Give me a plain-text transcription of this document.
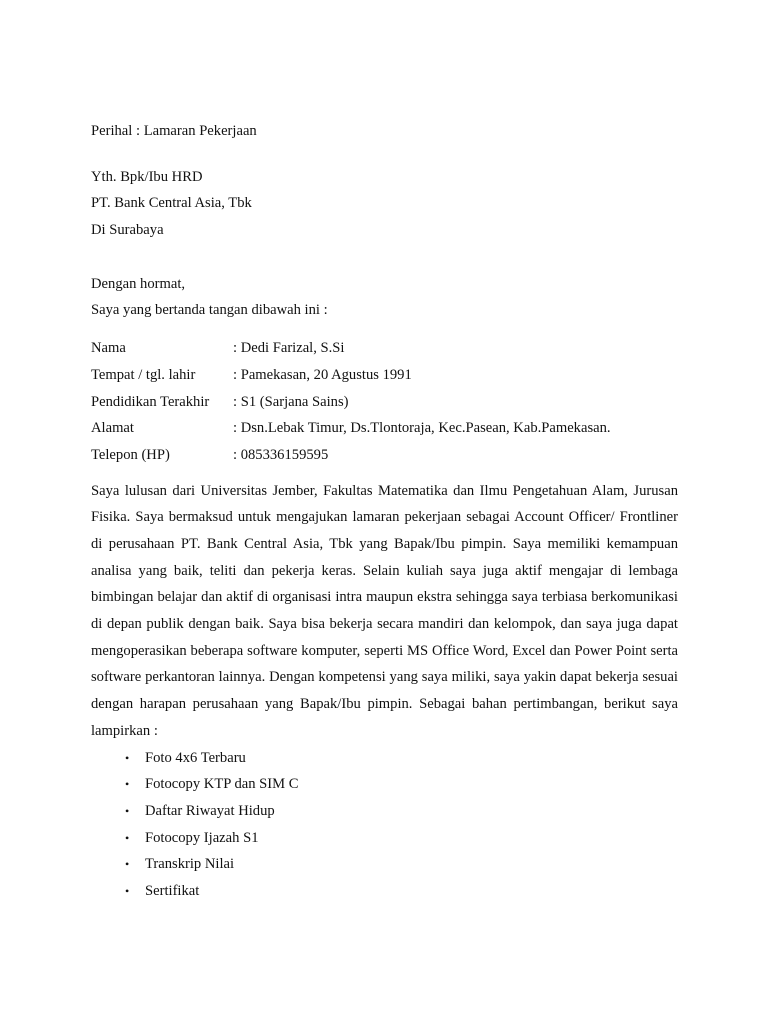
Perihal : Lamaran Pekerjaan
Yth. Bpk/Ibu HRD
PT. Bank Central Asia, Tbk
Di Surabaya
Dengan hormat,
Saya yang bertanda tangan dibawah ini :
Nama	: Dedi Farizal, S.Si
Tempat / tgl. lahir	: Pamekasan, 20 Agustus 1991
Pendidikan Terakhir	: S1 (Sarjana Sains)
Alamat	: Dsn.Lebak Timur, Ds.Tlontoraja, Kec.Pasean, Kab.Pamekasan.
Telepon (HP)	: 085336159595

Saya lulusan dari Universitas Jember, Fakultas Matematika dan Ilmu Pengetahuan Alam, Jurusan Fisika. Saya bermaksud untuk mengajukan lamaran pekerjaan sebagai Account Officer/ Frontliner di perusahaan PT. Bank Central Asia, Tbk yang Bapak/Ibu pimpin. Saya memiliki kemampuan analisa yang baik, teliti dan pekerja keras. Selain kuliah saya juga aktif mengajar di lembaga bimbingan belajar dan aktif di organisasi intra maupun ekstra sehingga saya terbiasa berkomunikasi di depan publik dengan baik. Saya bisa bekerja secara mandiri dan kelompok, dan saya juga dapat mengoperasikan beberapa software komputer, seperti MS Office Word, Excel dan Power Point serta software perkantoran lainnya. Dengan kompetensi yang saya miliki, saya yakin dapat bekerja sesuai dengan harapan perusahaan yang Bapak/Ibu pimpin. Sebagai bahan pertimbangan, berikut saya lampirkan :

• Foto 4x6 Terbaru
• Fotocopy KTP dan SIM C
• Daftar Riwayat Hidup
• Fotocopy Ijazah S1
• Transkrip Nilai
• Sertifikat
